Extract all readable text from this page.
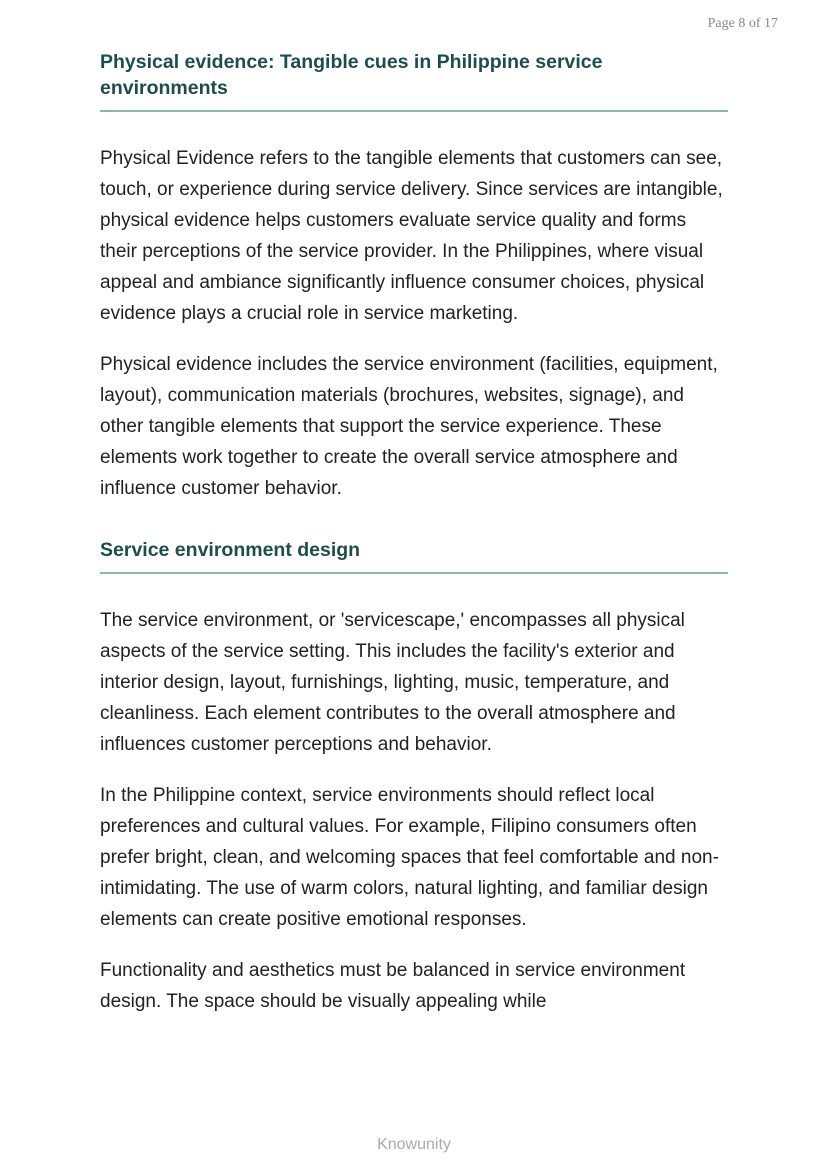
Page 8 of 17
Physical evidence: Tangible cues in Philippine service environments

Physical Evidence refers to the tangible elements that customers can see, touch, or experience during service delivery. Since services are intangible, physical evidence helps customers evaluate service quality and forms their perceptions of the service provider. In the Philippines, where visual appeal and ambiance significantly influence consumer choices, physical evidence plays a crucial role in service marketing.

Physical evidence includes the service environment (facilities, equipment, layout), communication materials (brochures, websites, signage), and other tangible elements that support the service experience. These elements work together to create the overall service atmosphere and influence customer behavior.

Service environment design

The service environment, or 'servicescape,' encompasses all physical aspects of the service setting. This includes the facility's exterior and interior design, layout, furnishings, lighting, music, temperature, and cleanliness. Each element contributes to the overall atmosphere and influences customer perceptions and behavior.

In the Philippine context, service environments should reflect local preferences and cultural values. For example, Filipino consumers often prefer bright, clean, and welcoming spaces that feel comfortable and non-intimidating. The use of warm colors, natural lighting, and familiar design elements can create positive emotional responses.

Functionality and aesthetics must be balanced in service environment design. The space should be visually appealing while

Knowunity
